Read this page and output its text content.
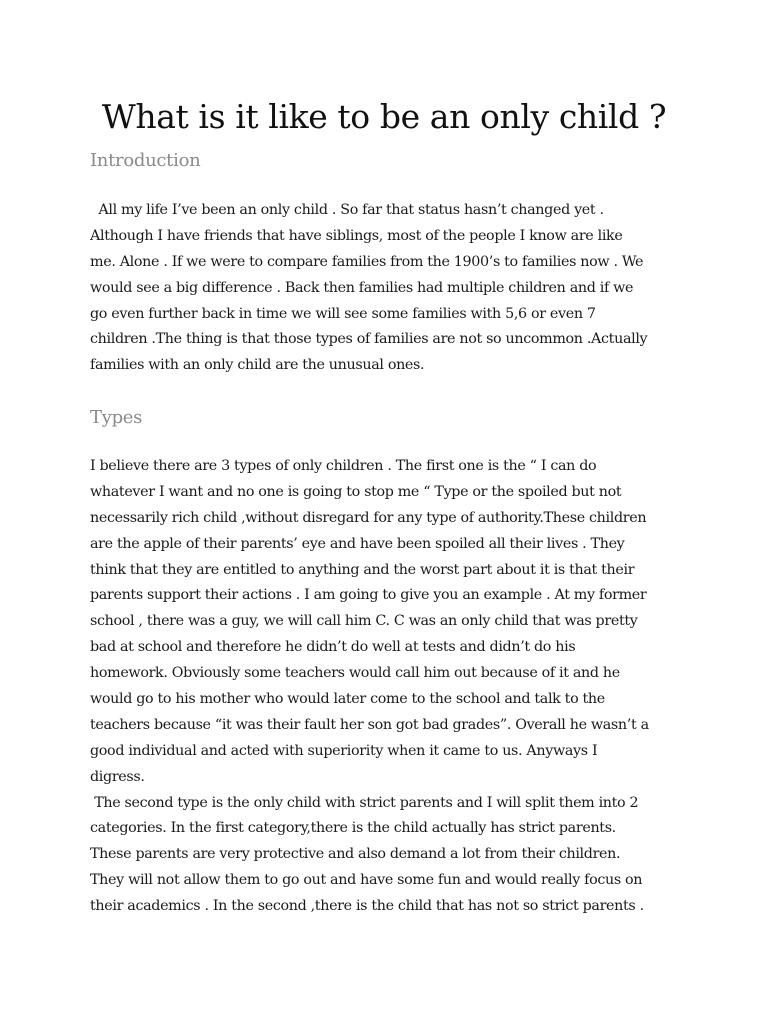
What is it like to be an only child ?
Introduction
All my life I’ve been an only child . So far that status hasn’t changed yet .
Although I have friends that have siblings, most of the people I know are like
me. Alone . If we were to compare families from the 1900’s to families now . We
would see a big difference . Back then families had multiple children and if we
go even further back in time we will see some families with 5,6 or even 7
children .The thing is that those types of families are not so uncommon .Actually
families with an only child are the unusual ones.
Types
I believe there are 3 types of only children . The first one is the “ I can do
whatever I want and no one is going to stop me “ Type or the spoiled but not
necessarily rich child ,without disregard for any type of authority.These children
are the apple of their parents’ eye and have been spoiled all their lives . They
think that they are entitled to anything and the worst part about it is that their
parents support their actions . I am going to give you an example . At my former
school , there was a guy, we will call him C. C was an only child that was pretty
bad at school and therefore he didn’t do well at tests and didn’t do his
homework. Obviously some teachers would call him out because of it and he
would go to his mother who would later come to the school and talk to the
teachers because “it was their fault her son got bad grades”. Overall he wasn’t a
good individual and acted with superiority when it came to us. Anyways I
digress.
The second type is the only child with strict parents and I will split them into 2
categories. In the first category,there is the child actually has strict parents.
These parents are very protective and also demand a lot from their children.
They will not allow them to go out and have some fun and would really focus on
their academics . In the second ,there is the child that has not so strict parents .
